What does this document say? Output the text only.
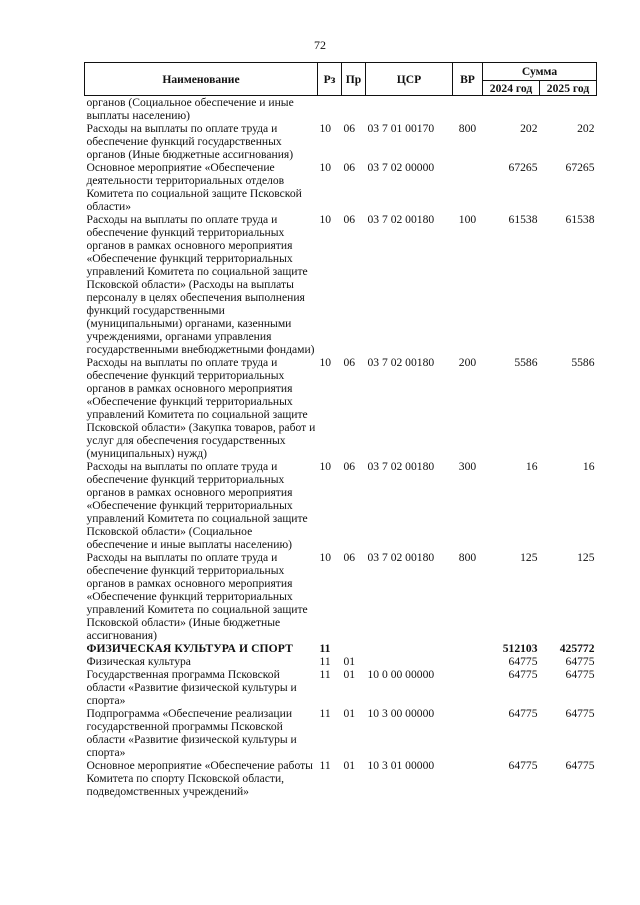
72
Наименование	Рз	Пр	ЦСР	ВР	Сумма	
					2024 год	2025 год
органов (Социальное обеспечение и иные выплаты населению)						
Расходы на выплаты по оплате труда и обеспечение функций государственных органов (Иные бюджетные ассигнования)	10	06	03 7 01 00170	800	202	202
Основное мероприятие «Обеспечение деятельности территориальных отделов Комитета по социальной защите Псковской области»	10	06	03 7 02 00000		67265	67265
Расходы на выплаты по оплате труда и обеспечение функций территориальных органов в рамках основного мероприятия «Обеспечение функций территориальных управлений Комитета по социальной защите Псковской области» (Расходы на выплаты персоналу в целях обеспечения выполнения функций государственными (муниципальными) органами, казенными учреждениями, органами управления государственными внебюджетными фондами)	10	06	03 7 02 00180	100	61538	61538
Расходы на выплаты по оплате труда и обеспечение функций территориальных органов в рамках основного мероприятия «Обеспечение функций территориальных управлений Комитета по социальной защите Псковской области» (Закупка товаров, работ и услуг для обеспечения государственных (муниципальных) нужд)	10	06	03 7 02 00180	200	5586	5586
Расходы на выплаты по оплате труда и обеспечение функций территориальных органов в рамках основного мероприятия «Обеспечение функций территориальных управлений Комитета по социальной защите Псковской области» (Социальное обеспечение и иные выплаты населению)	10	06	03 7 02 00180	300	16	16
Расходы на выплаты по оплате труда и обеспечение функций территориальных органов в рамках основного мероприятия «Обеспечение функций территориальных управлений Комитета по социальной защите Псковской области» (Иные бюджетные ассигнования)	10	06	03 7 02 00180	800	125	125
ФИЗИЧЕСКАЯ КУЛЬТУРА И СПОРТ	11				512103	425772
Физическая культура	11	01			64775	64775
Государственная программа Псковской области «Развитие физической культуры и спорта»	11	01	10 0 00 00000		64775	64775
Подпрограмма «Обеспечение реализации государственной программы Псковской области «Развитие физической культуры и спорта»	11	01	10 3 00 00000		64775	64775
Основное мероприятие «Обеспечение работы Комитета по спорту Псковской области, подведомственных учреждений»	11	01	10 3 01 00000		64775	64775
